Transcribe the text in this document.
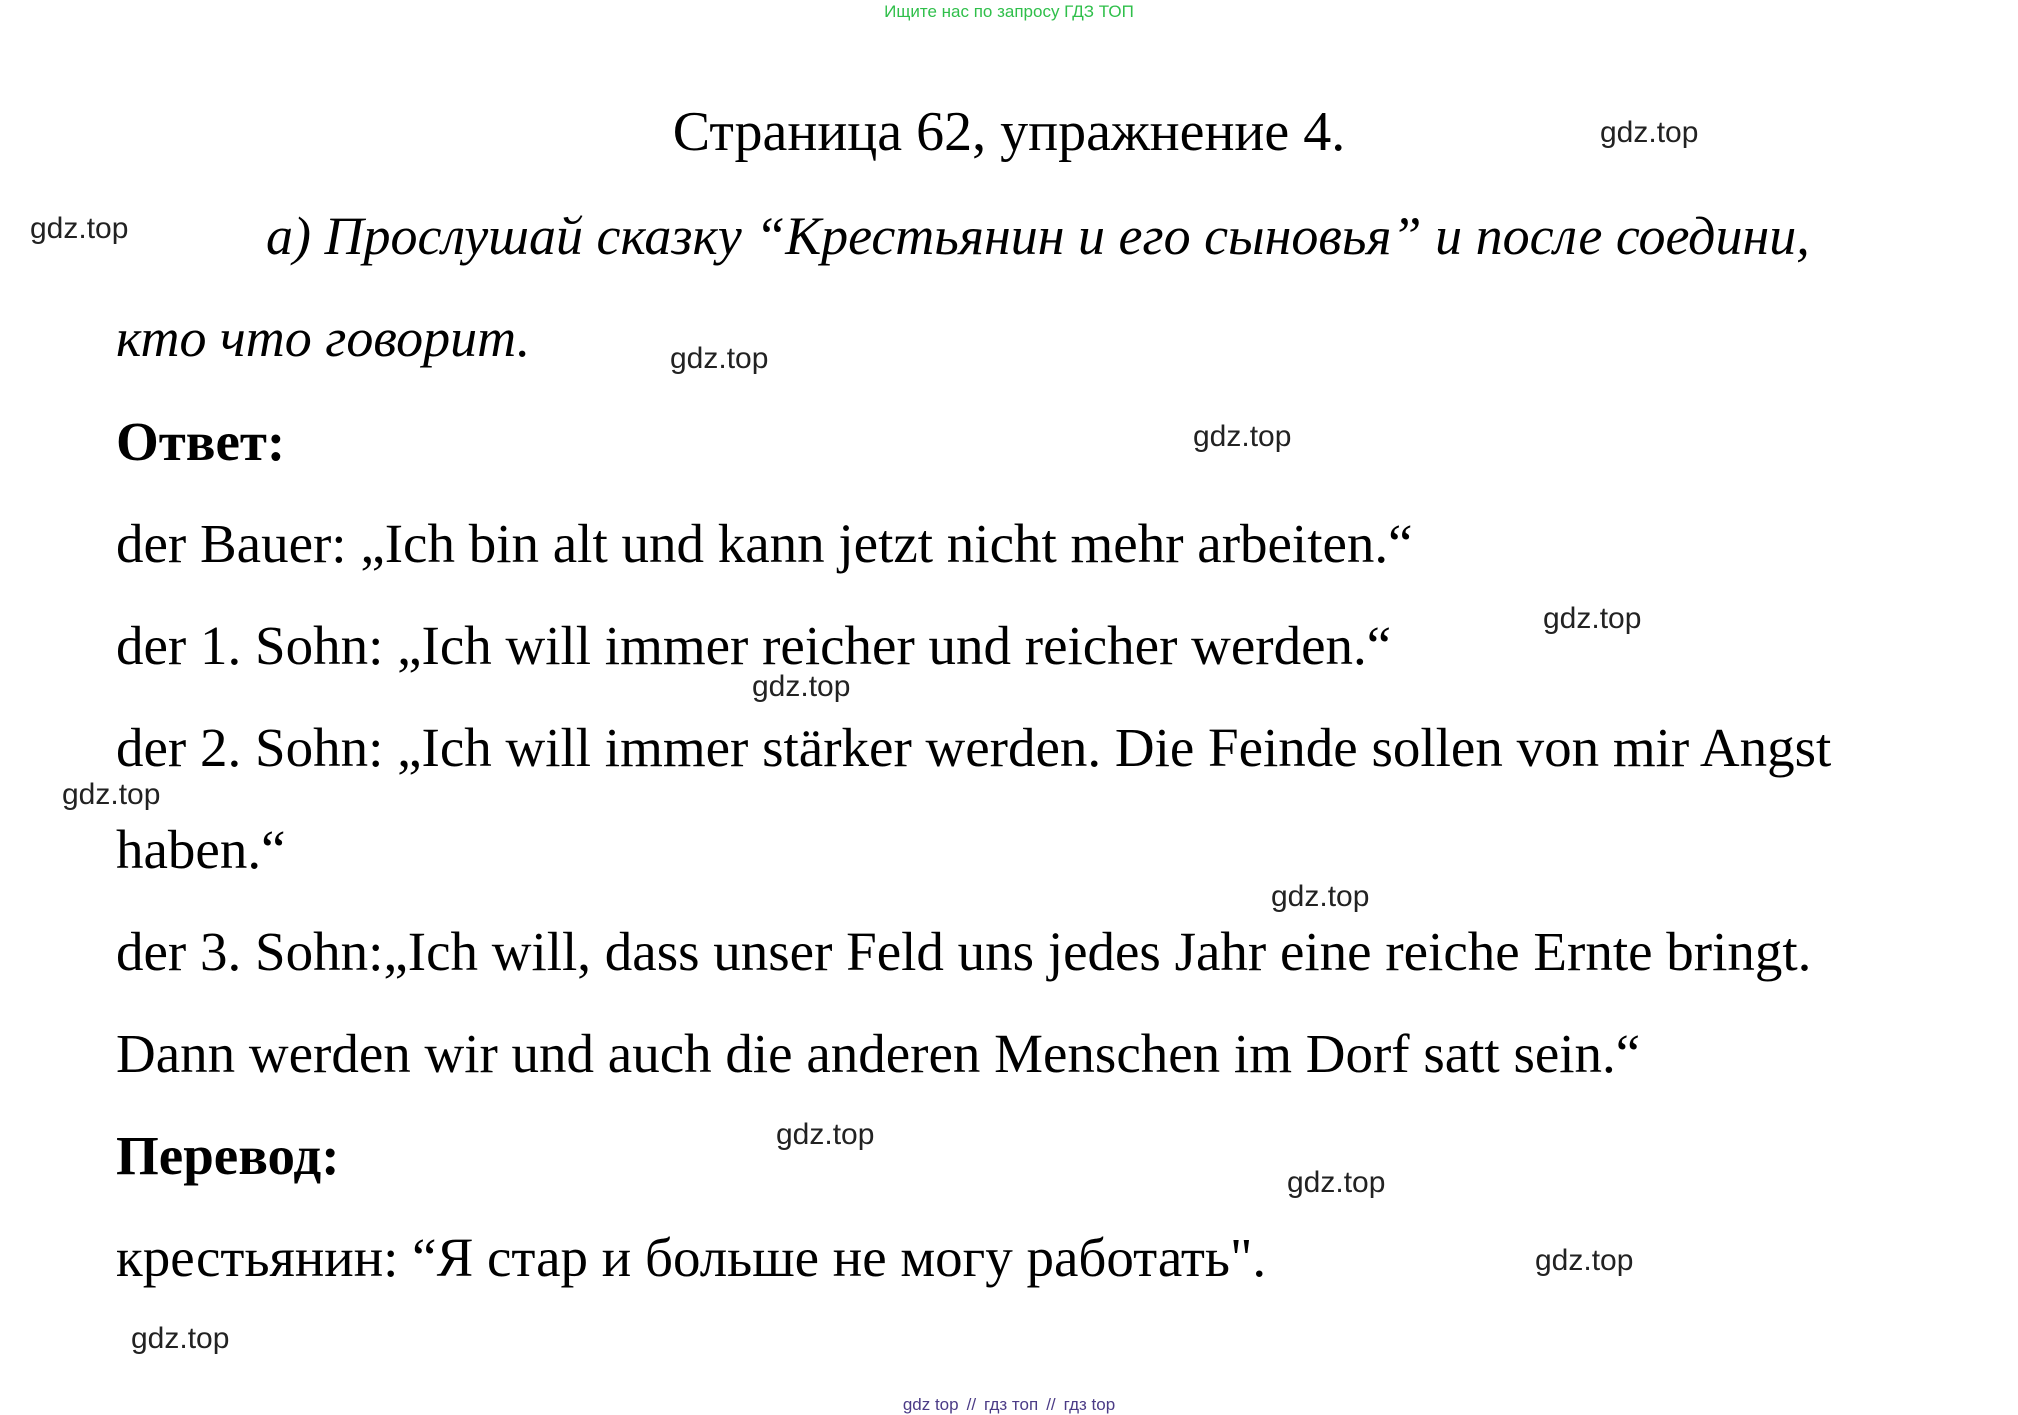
Ищите нас по запросу ГДЗ ТОП
Страница 62, упражнение 4.
а) Прослушай сказку “Крестьянин и его сыновья” и после соедини,
кто что говорит.
Ответ:
der Bauer: „Ich bin alt und kann jetzt nicht mehr arbeiten.“
der 1. Sohn: „Ich will immer reicher und reicher werden.“
der 2. Sohn: „Ich will immer stärker werden. Die Feinde sollen von mir Angst
haben.“
der 3. Sohn:„Ich will, dass unser Feld uns jedes Jahr eine reiche Ernte bringt.
Dann werden wir und auch die anderen Menschen im Dorf satt sein.“
Перевод:
крестьянин: “Я стар и больше не могу работать".
gdz.top
gdz.top
gdz.top
gdz.top
gdz.top
gdz.top
gdz.top
gdz.top
gdz.top
gdz.top
gdz.top
gdz.top
gdz top // гдз топ // гдз top
